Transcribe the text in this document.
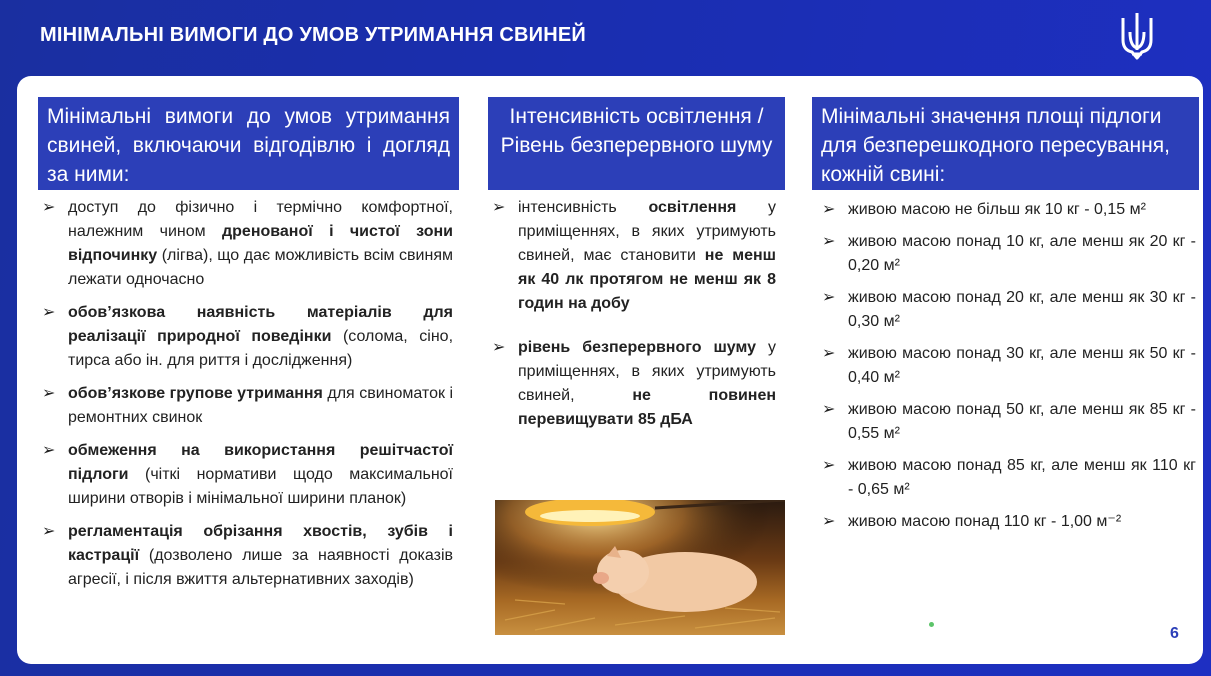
МІНІМАЛЬНІ ВИМОГИ ДО УМОВ УТРИМАННЯ СВИНЕЙ
Мінімальні вимоги до умов утримання свиней, включаючи відгодівлю і догляд за ними:
➢ доступ до фізично і термічно комфортної, належним чином дренованої і чистої зони відпочинку (лігва), що дає можливість всім свиням лежати одночасно
➢ обов’язкова наявність матеріалів для реалізації природної поведінки (солома, сіно, тирса або ін. для риття і дослідження)
➢ обов’язкове групове утримання для свиноматок і ремонтних свинок
➢ обмеження на використання решітчастої підлоги (чіткі нормативи щодо максимальної ширини отворів і мінімальної ширини планок)
➢ регламентація обрізання хвостів, зубів і кастрації (дозволено лише за наявності доказів агресії, і після вжиття альтернативних заходів)
Інтенсивність освітлення / Рівень безперервного шуму
➢ інтенсивність освітлення у приміщеннях, в яких утримують свиней, має становити не менш як 40 лк протягом не менш як 8 годин на добу
➢ рівень безперервного шуму у приміщеннях, в яких утримують свиней, не повинен перевищувати 85 дБА
Мінімальні значення площі підлоги для безперешкодного пересування, кожній свині:
➢ живою масою не більш як 10 кг - 0,15 м²
➢ живою масою понад 10 кг, але менш як 20 кг - 0,20 м²
➢ живою масою понад 20 кг, але менш як 30 кг - 0,30 м²
➢ живою масою понад 30 кг, але менш як 50 кг - 0,40 м²
➢ живою масою понад 50 кг, але менш як 85 кг - 0,55 м²
➢ живою масою понад 85 кг, але менш як 110 кг - 0,65 м²
➢ живою масою понад 110 кг - 1,00 м⁻²
6
